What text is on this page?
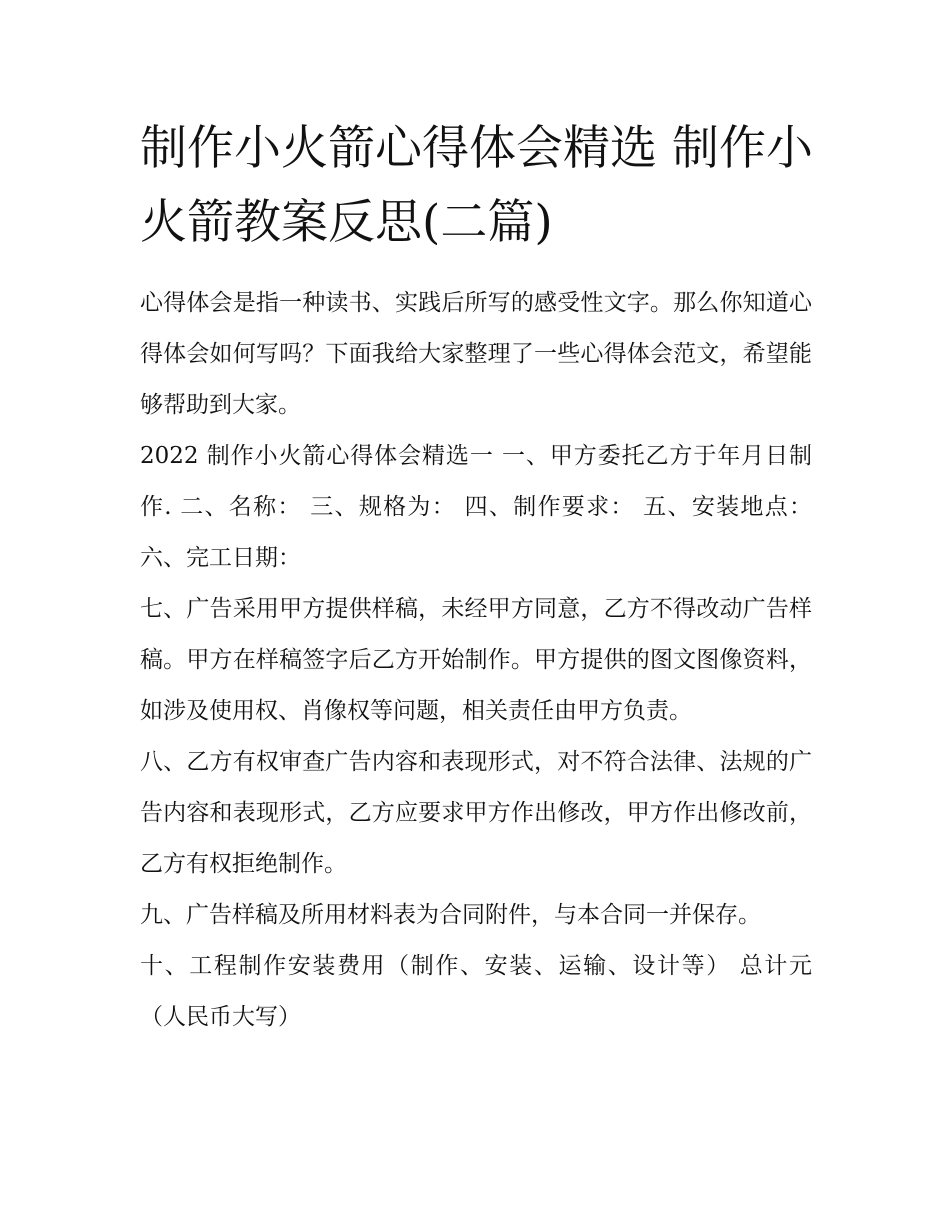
制作小火箭心得体会精选 制作小火箭教案反思(二篇)

心得体会是指一种读书、实践后所写的感受性文字。那么你知道心得体会如何写吗？下面我给大家整理了一些心得体会范文，希望能够帮助到大家。

2022 制作小火箭心得体会精选一 一、甲方委托乙方于年月日制作. 二、名称： 三、规格为： 四、制作要求： 五、安装地点： 六、完工日期：

七、广告采用甲方提供样稿，未经甲方同意，乙方不得改动广告样稿。甲方在样稿签字后乙方开始制作。甲方提供的图文图像资料，如涉及使用权、肖像权等问题，相关责任由甲方负责。

八、乙方有权审查广告内容和表现形式，对不符合法律、法规的广告内容和表现形式，乙方应要求甲方作出修改，甲方作出修改前，乙方有权拒绝制作。

九、广告样稿及所用材料表为合同附件，与本合同一并保存。

十、工程制作安装费用（制作、安装、运输、设计等） 总计元（人民币大写）
